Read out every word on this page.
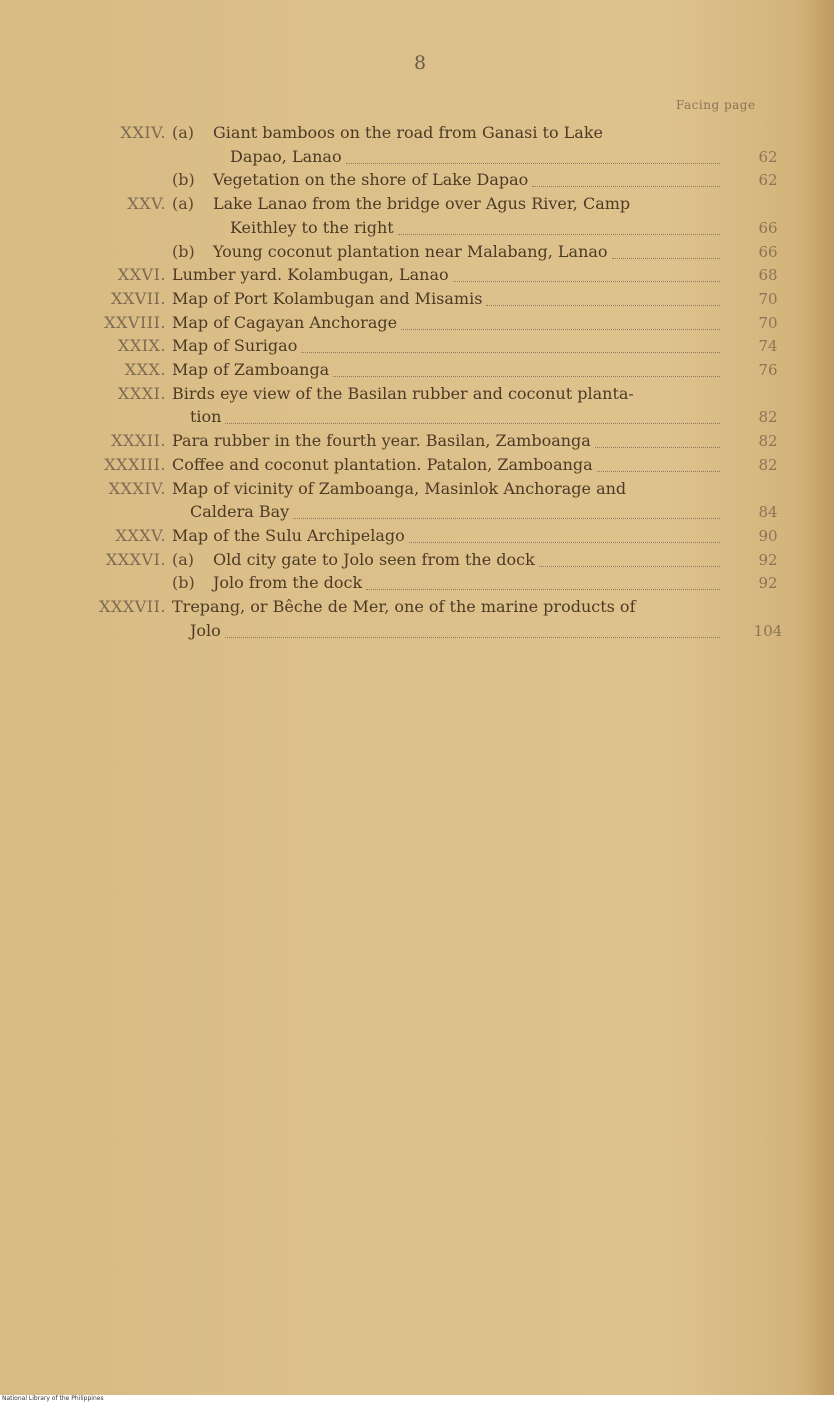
8
Facing page
XXIV. (a) Giant bamboos on the road from Ganasi to Lake
Dapao, Lanao	62
(b) Vegetation on the shore of Lake Dapao	62
XXV. (a) Lake Lanao from the bridge over Agus River, Camp
Keithley to the right	66
(b) Young coconut plantation near Malabang, Lanao	66
XXVI. Lumber yard. Kolambugan, Lanao	68
XXVII. Map of Port Kolambugan and Misamis	70
XXVIII. Map of Cagayan Anchorage	70
XXIX. Map of Surigao	74
XXX. Map of Zamboanga	76
XXXI. Birds eye view of the Basilan rubber and coconut planta-
tion	82
XXXII. Para rubber in the fourth year. Basilan, Zamboanga	82
XXXIII. Coffee and coconut plantation. Patalon, Zamboanga	82
XXXIV. Map of vicinity of Zamboanga, Masinlok Anchorage and
Caldera Bay	84
XXXV. Map of the Sulu Archipelago	90
XXXVI. (a) Old city gate to Jolo seen from the dock	92
(b) Jolo from the dock	92
XXXVII. Trepang, or Bêche de Mer, one of the marine products of
Jolo	104
National Library of the Philippines
